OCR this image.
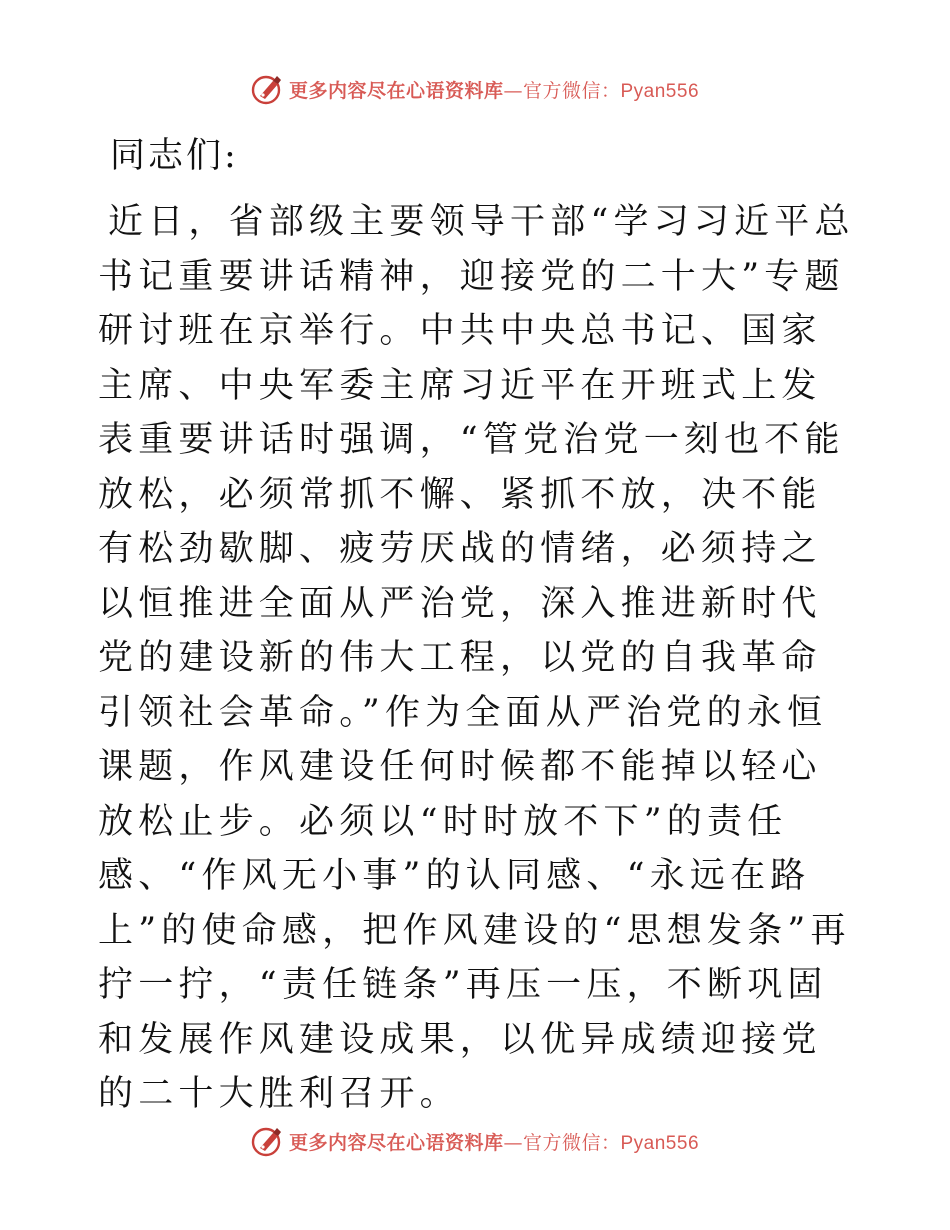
更多内容尽在心语资料库—官方微信：Pyan556
同志们:

近日，省部级主要领导干部“学习习近平总书记重要讲话精神，迎接党的二十大”专题研讨班在京举行。中共中央总书记、国家主席、中央军委主席习近平在开班式上发表重要讲话时强调，“管党治党一刻也不能放松，必须常抓不懈、紧抓不放，决不能有松劲歇脚、疲劳厌战的情绪，必须持之以恒推进全面从严治党，深入推进新时代党的建设新的伟大工程，以党的自我革命引领社会革命。”作为全面从严治党的永恒课题，作风建设任何时候都不能掉以轻心放松止步。必须以“时时放不下”的责任感、“作风无小事”的认同感、“永远在路上”的使命感，把作风建设的“思想发条”再拧一拧，“责任链条”再压一压，不断巩固和发展作风建设成果，以优异成绩迎接党的二十大胜利召开。

更多内容尽在心语资料库—官方微信：Pyan556
